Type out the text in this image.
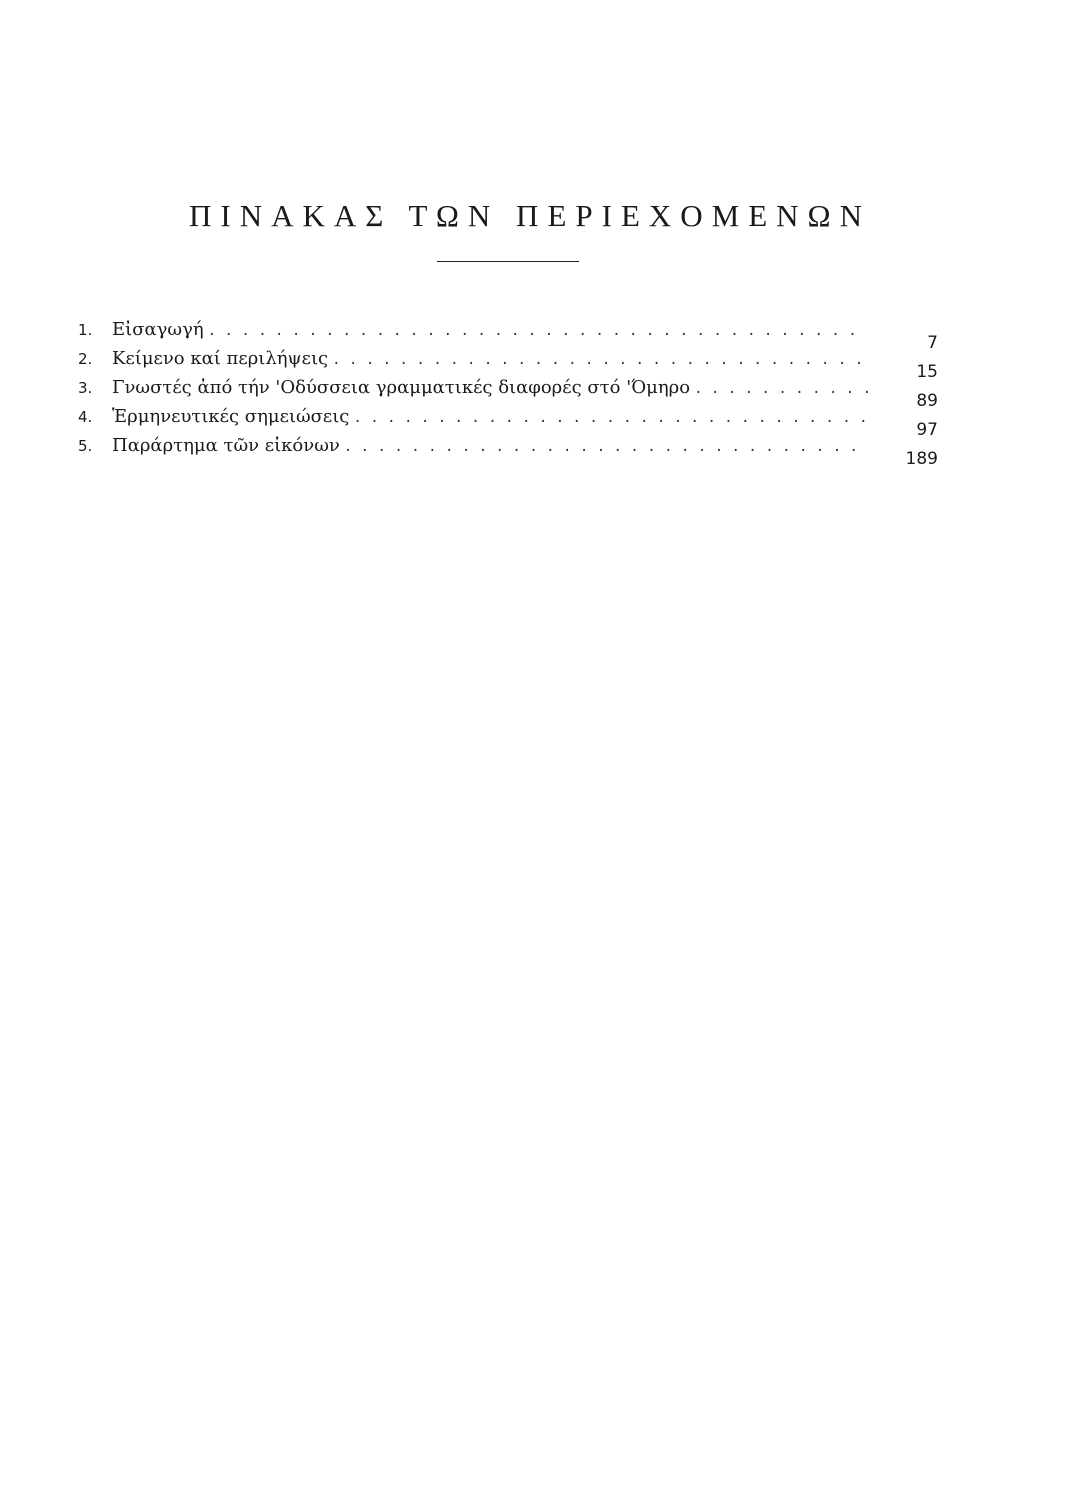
ΠΙΝΑΚΑΣ ΤΩΝ ΠΕΡΙΕΧΟΜΕΝΩΝ
1.	Εἰσαγωγή
. . .
7
2.	Κείμενο καί περιλήψεις
. . .
15
3.	Γνωστές ἀπό τήν 'Οδύσσεια γραμματικές διαφορές στό 'Όμηρο
. . .
89
4.	Ἑρμηνευτικές σημειώσεις
. . .
97
5.	Παράρτημα τῶν εἰκόνων
. . .
189
